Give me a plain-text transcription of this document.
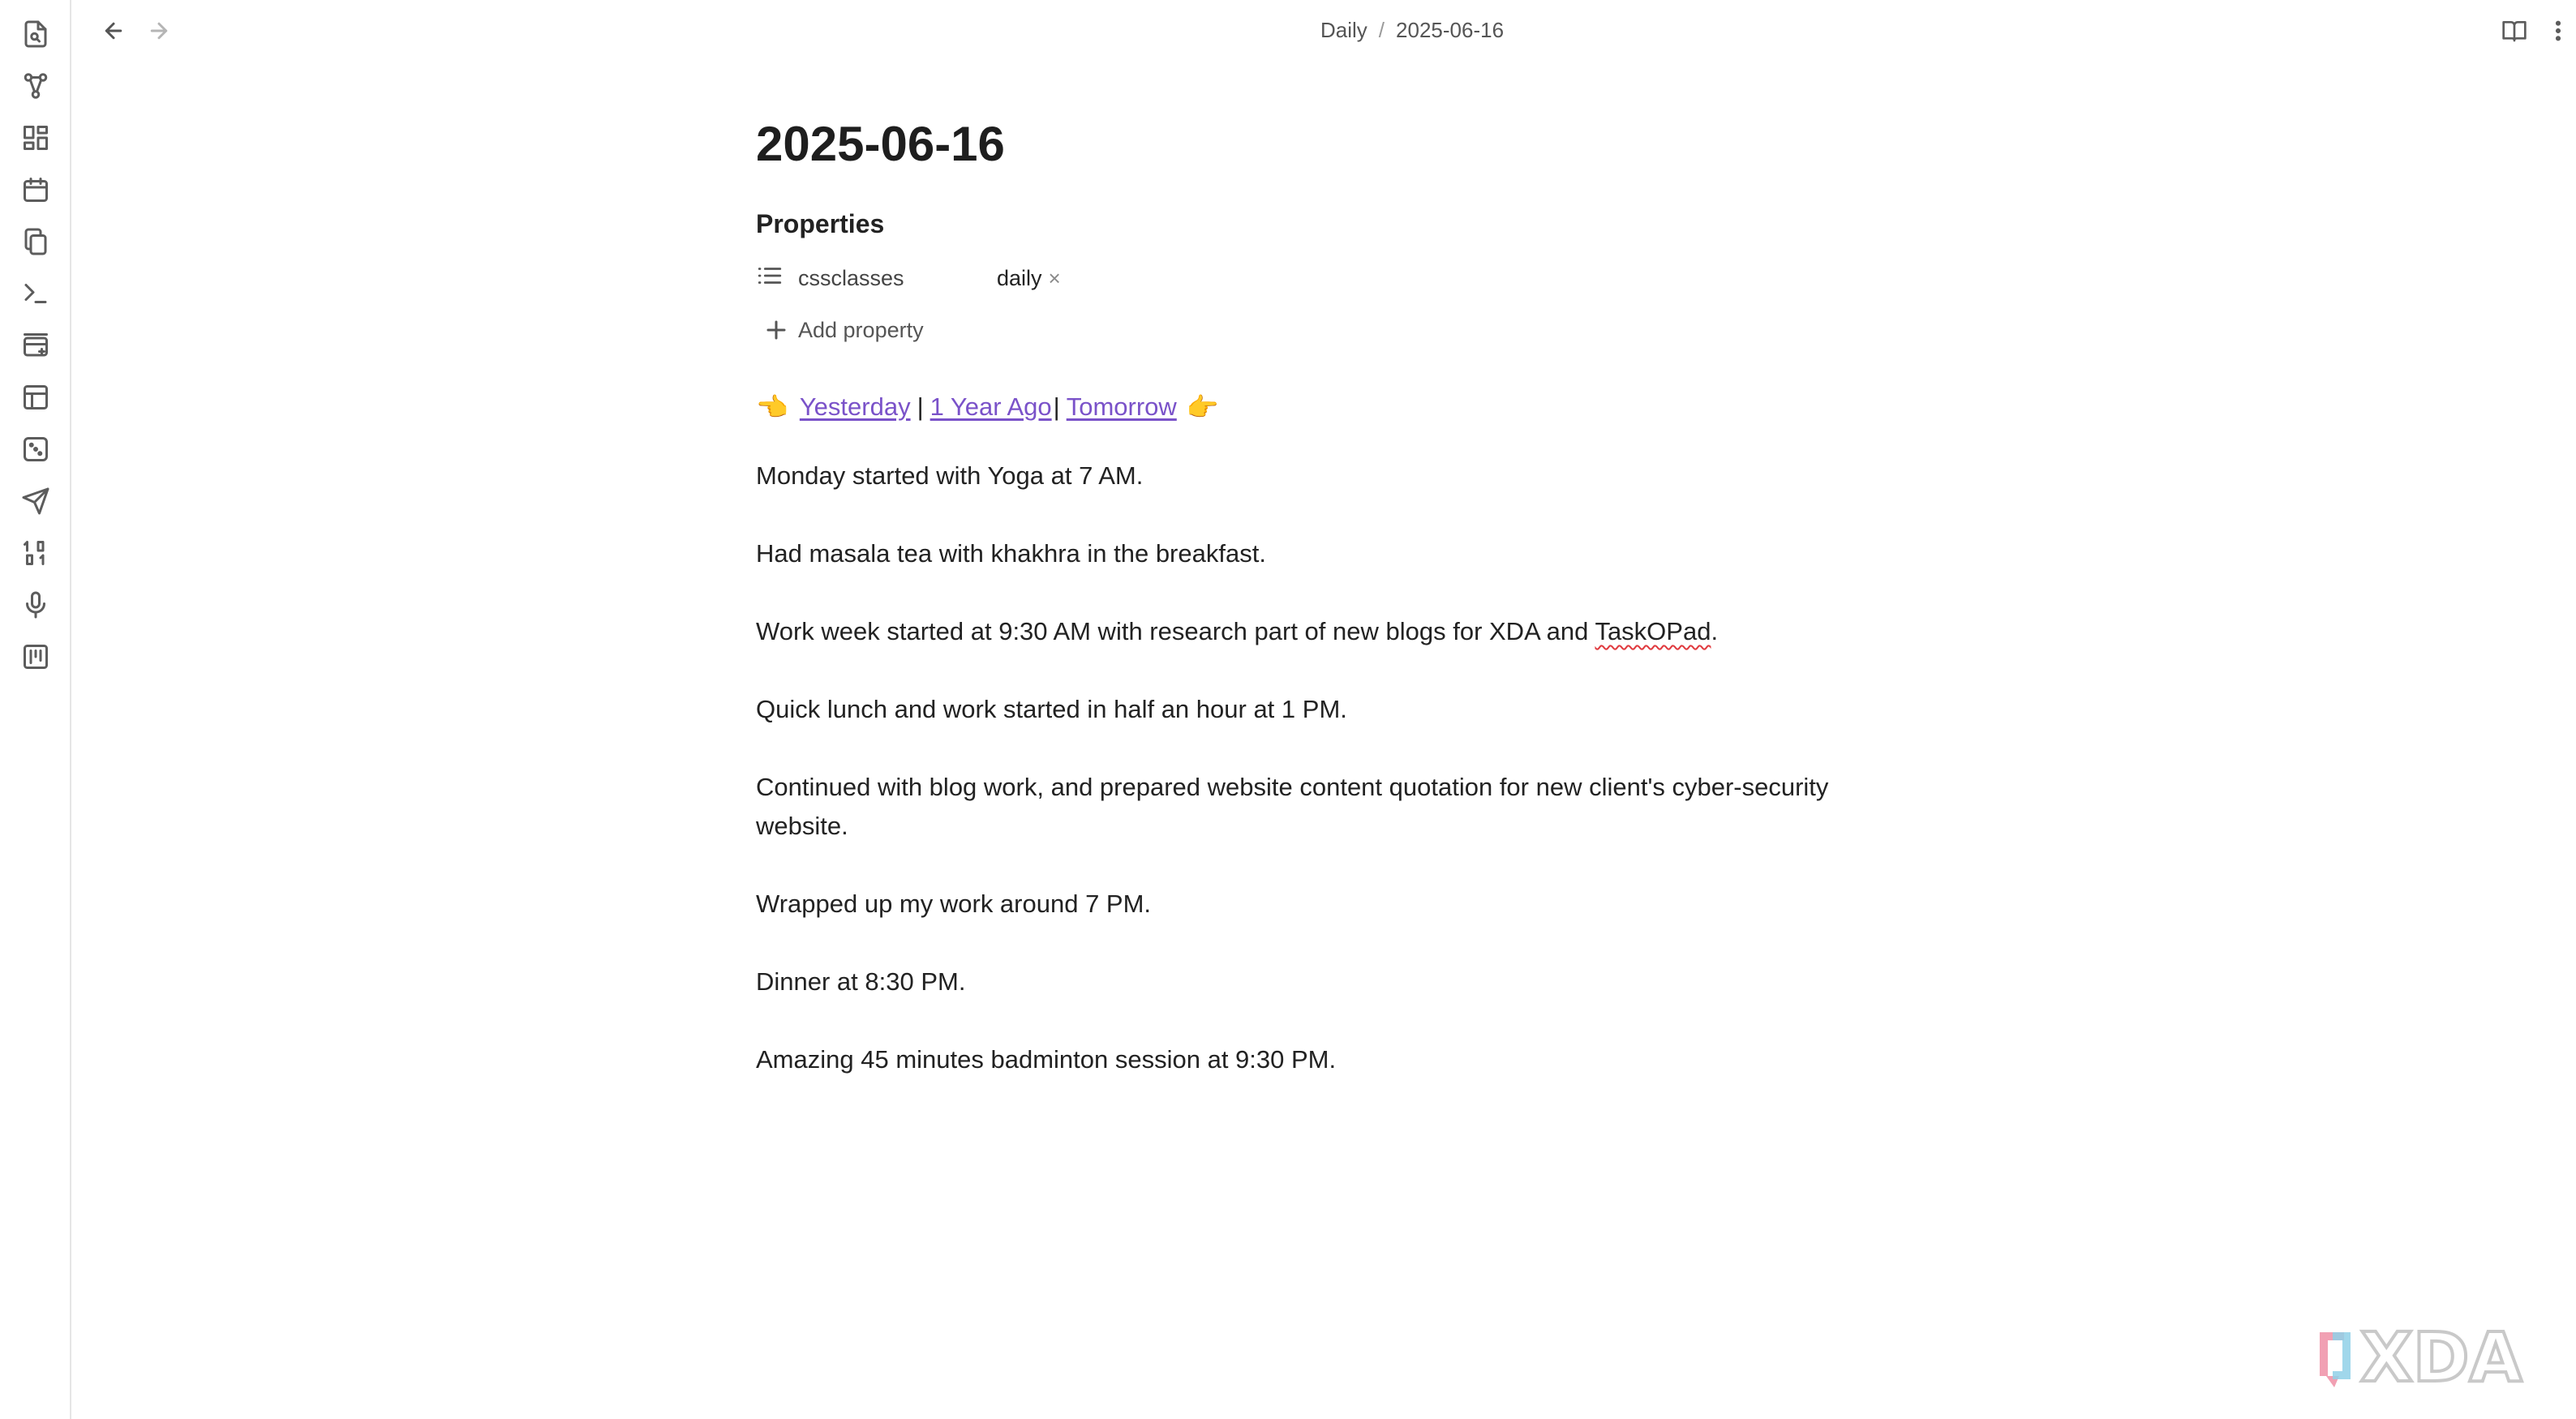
Daily / 2025-06-16
2025-06-16
Properties
cssclasses	daily ×
Add property
👈 Yesterday | 1 Year Ago | Tomorrow 👉

Monday started with Yoga at 7 AM.

Had masala tea with khakhra in the breakfast.

Work week started at 9:30 AM with research part of new blogs for XDA and TaskOPad.

Quick lunch and work started in half an hour at 1 PM.

Continued with blog work, and prepared website content quotation for new client's cyber-security website.

Wrapped up my work around 7 PM.

Dinner at 8:30 PM.

Amazing 45 minutes badminton session at 9:30 PM.

XDA
